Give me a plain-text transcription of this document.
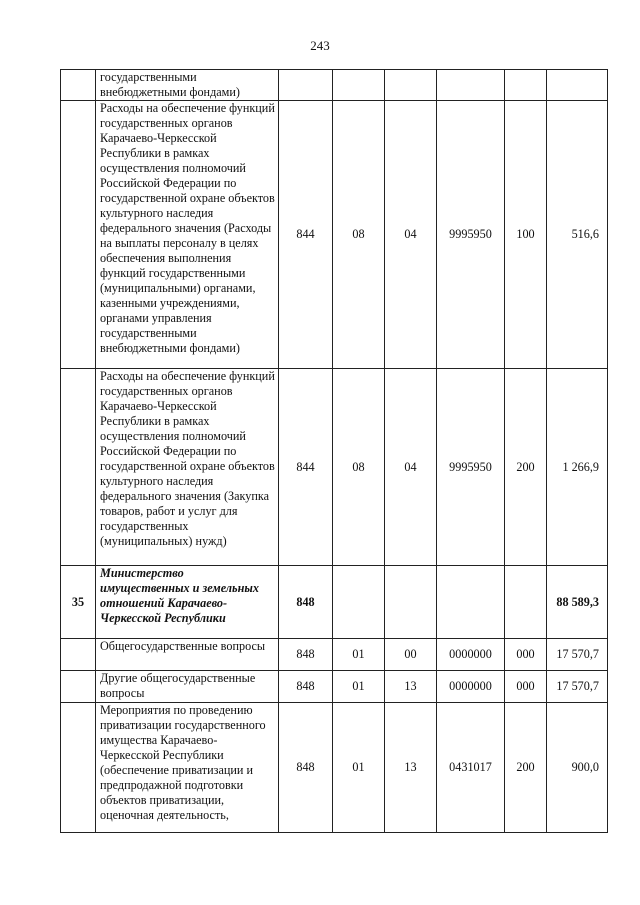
243
	государственными внебюджетными фондами)						
	Расходы на обеспечение функций государственных органов Карачаево-Черкесской Республики в рамках осуществления полномочий Российской Федерации по государственной охране объектов культурного наследия федерального значения (Расходы на выплаты персоналу в целях обеспечения выполнения функций государственными (муниципальными) органами, казенными учреждениями, органами управления государственными внебюджетными фондами)	844	08	04	9995950	100	516,6
	Расходы на обеспечение функций государственных органов Карачаево-Черкесской Республики в рамках осуществления полномочий Российской Федерации по государственной охране объектов культурного наследия федерального значения (Закупка товаров, работ и услуг для государственных (муниципальных) нужд)	844	08	04	9995950	200	1 266,9
35	Министерство имущественных и земельных отношений Карачаево-Черкесской Республики	848					88 589,3
	Общегосударственные вопросы	848	01	00	0000000	000	17 570,7
	Другие общегосударственные вопросы	848	01	13	0000000	000	17 570,7
	Мероприятия по проведению приватизации государственного имущества Карачаево-Черкесской Республики (обеспечение приватизации и предпродажной подготовки объектов приватизации, оценочная деятельность,	848	01	13	0431017	200	900,0
